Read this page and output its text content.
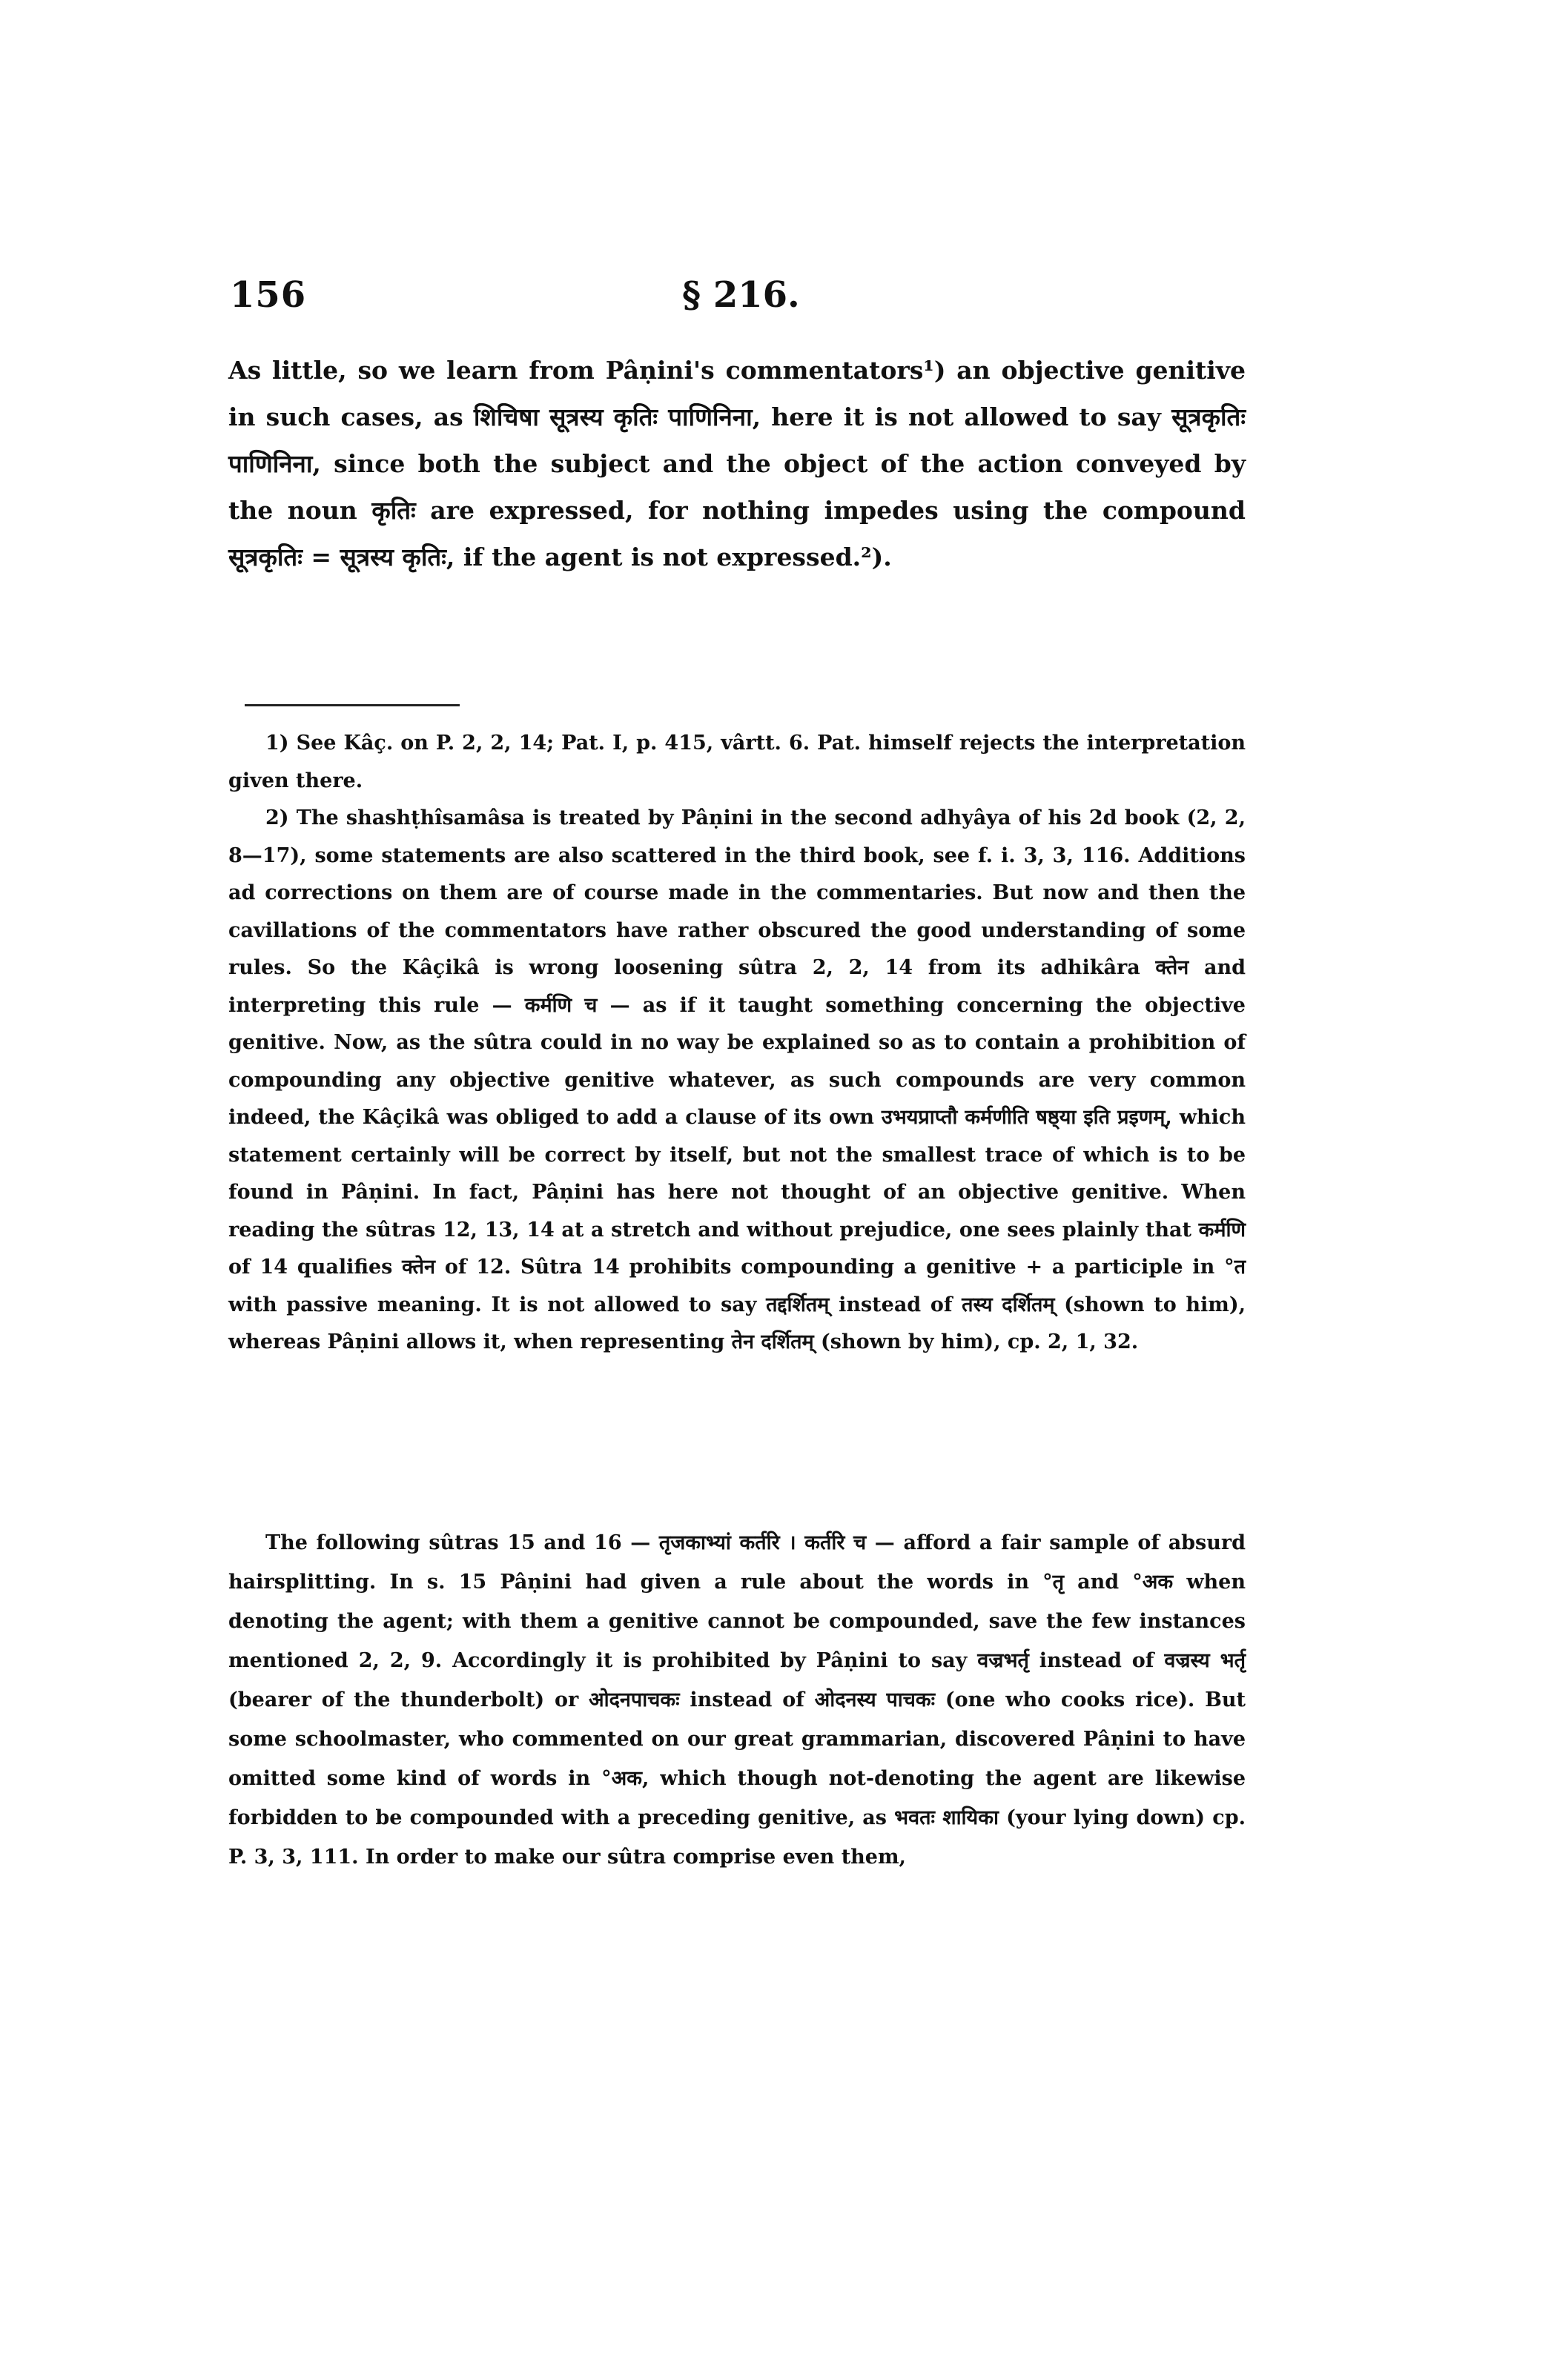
156	§ 216.

As little, so we learn from Pâṇini's commentators¹) an objective genitive in such cases, as शिचिषा सूत्रस्य कृतिः पाणिनिना, here it is not allowed to say सूत्रकृतिः पाणिनिना, since both the subject and the object of the action conveyed by the noun कृतिः are expressed, for nothing impedes using the compound सूत्रकृतिः = सूत्रस्य कृतिः, if the agent is not expressed.²).

1) See Kâç. on P. 2, 2, 14; Pat. I, p. 415, vârtt. 6. Pat. himself rejects the interpretation given there.

2) The shashṭhîsamâsa is treated by Pâṇini in the second adhyâya of his 2d book (2, 2, 8—17), some statements are also scattered in the third book, see f. i. 3, 3, 116. Additions ad corrections on them are of course made in the commentaries. But now and then the cavillations of the commentators have rather obscured the good understanding of some rules. So the Kâçikâ is wrong loosening sûtra 2, 2, 14 from its adhikâra क्तेन and interpreting this rule — कर्मणि च — as if it taught something concerning the objective genitive. Now, as the sûtra could in no way be explained so as to contain a prohibition of compounding any objective genitive whatever, as such compounds are very common indeed, the Kâçikâ was obliged to add a clause of its own उभयप्राप्तौ कर्मणीति षष्ठ्या इति प्रइणम्, which statement certainly will be correct by itself, but not the smallest trace of which is to be found in Pâṇini. In fact, Pâṇini has here not thought of an objective genitive. When reading the sûtras 12, 13, 14 at a stretch and without prejudice, one sees plainly that कर्मणि of 14 qualifies क्तेन of 12. Sûtra 14 prohibits compounding a genitive + a participle in °त with passive meaning. It is not allowed to say तद्दर्शितम् instead of तस्य दर्शितम् (shown to him), whereas Pâṇini allows it, when representing तेन दर्शितम् (shown by him), cp. 2, 1, 32.

The following sûtras 15 and 16 — तृजकाभ्यां कर्तरि । कर्तरि च — afford a fair sample of absurd hairsplitting. In s. 15 Pâṇini had given a rule about the words in °तृ and °अक when denoting the agent; with them a genitive cannot be compounded, save the few instances mentioned 2, 2, 9. Accordingly it is prohibited by Pâṇini to say वज्रभर्तृ instead of वज्रस्य भर्तृ (bearer of the thunderbolt) or ओदनपाचकः instead of ओदनस्य पाचकः (one who cooks rice). But some schoolmaster, who commented on our great grammarian, discovered Pâṇini to have omitted some kind of words in °अक, which though not-denoting the agent are likewise forbidden to be compounded with a preceding genitive, as भवतः शायिका (your lying down) cp. P. 3, 3, 111. In order to make our sûtra comprise even them,
